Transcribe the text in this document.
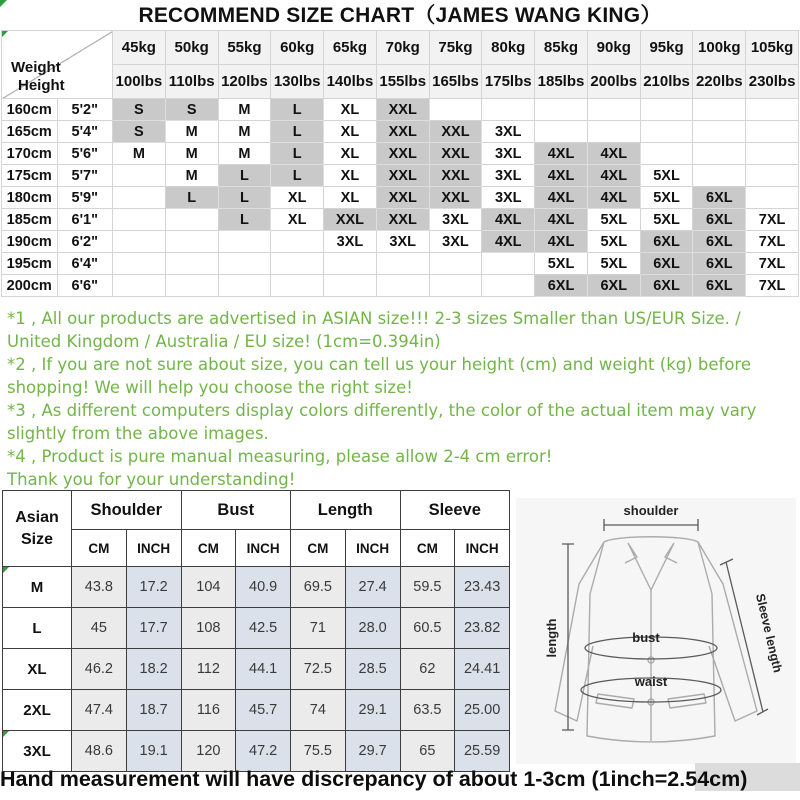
RECOMMEND SIZE CHART（JAMES WANG KING）
Weight
Height		45kg	50kg	55kg	60kg	65kg	70kg	75kg	80kg	85kg	90kg	95kg	100kg	105kg
		100lbs	110lbs	120lbs	130lbs	140lbs	155lbs	165lbs	175lbs	185lbs	200lbs	210lbs	220lbs	230lbs
160cm	5'2"	S	S	M	L	XL	XXL							
165cm	5'4"	S	M	M	L	XL	XXL	XXL	3XL					
170cm	5'6"	M	M	M	L	XL	XXL	XXL	3XL	4XL	4XL			
175cm	5'7"		M	L	L	XL	XXL	XXL	3XL	4XL	4XL	5XL		
180cm	5'9"		L	L	XL	XL	XXL	XXL	3XL	4XL	4XL	5XL	6XL	
185cm	6'1"			L	XL	XXL	XXL	3XL	4XL	4XL	5XL	5XL	6XL	7XL
190cm	6'2"					3XL	3XL	3XL	4XL	4XL	5XL	6XL	6XL	7XL
195cm	6'4"									5XL	5XL	6XL	6XL	7XL
200cm	6'6"									6XL	6XL	6XL	6XL	7XL

*1 , All our products are advertised in ASIAN size!!! 2-3 sizes Smaller than US/EUR Size. / United Kingdom / Australia / EU size! (1cm=0.394in)

*2 , If you are not sure about size, you can tell us your height (cm) and weight (kg) before shopping! We will help you choose the right size!

*3 , As different computers display colors differently, the color of the actual item may vary slightly from the above images.

*4 , Product is pure manual measuring, please allow 2-4 cm error!

Thank you for your understanding!

Asian Size	Shoulder		Bust		Length		Sleeve	
	CM	INCH	CM	INCH	CM	INCH	CM	INCH
M	43.8	17.2	104	40.9	69.5	27.4	59.5	23.43
L	45	17.7	108	42.5	71	28.0	60.5	23.82
XL	46.2	18.2	112	44.1	72.5	28.5	62	24.41
2XL	47.4	18.7	116	45.7	74	29.1	63.5	25.00
3XL	48.6	19.1	120	47.2	75.5	29.7	65	25.59
shoulder
length	bust
waist
Sleeve length
Hand measurement will have discrepancy of about 1-3cm (1inch=2.54cm)
